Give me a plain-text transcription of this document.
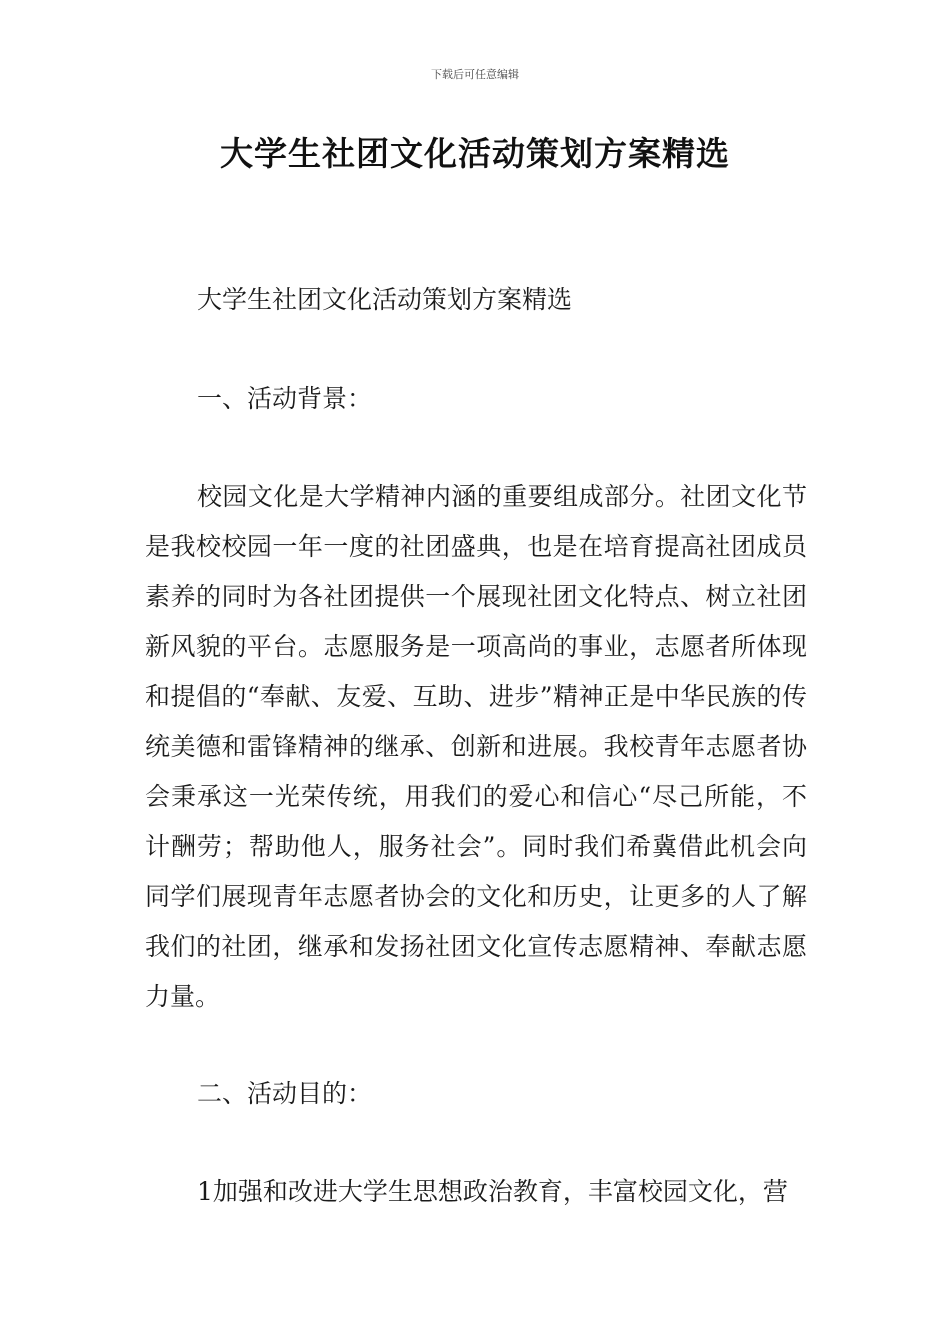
下载后可任意编辑
大学生社团文化活动策划方案精选

大学生社团文化活动策划方案精选

一、活动背景：

校园文化是大学精神内涵的重要组成部分。社团文化节是我校校园一年一度的社团盛典，也是在培育提高社团成员素养的同时为各社团提供一个展现社团文化特点、树立社团新风貌的平台。志愿服务是一项高尚的事业，志愿者所体现和提倡的“奉献、友爱、互助、进步”精神正是中华民族的传统美德和雷锋精神的继承、创新和进展。我校青年志愿者协会秉承这一光荣传统，用我们的爱心和信心“尽己所能，不计酬劳；帮助他人，服务社会”。同时我们希冀借此机会向同学们展现青年志愿者协会的文化和历史，让更多的人了解我们的社团，继承和发扬社团文化宣传志愿精神、奉献志愿力量。

二、活动目的：

1加强和改进大学生思想政治教育，丰富校园文化，营
